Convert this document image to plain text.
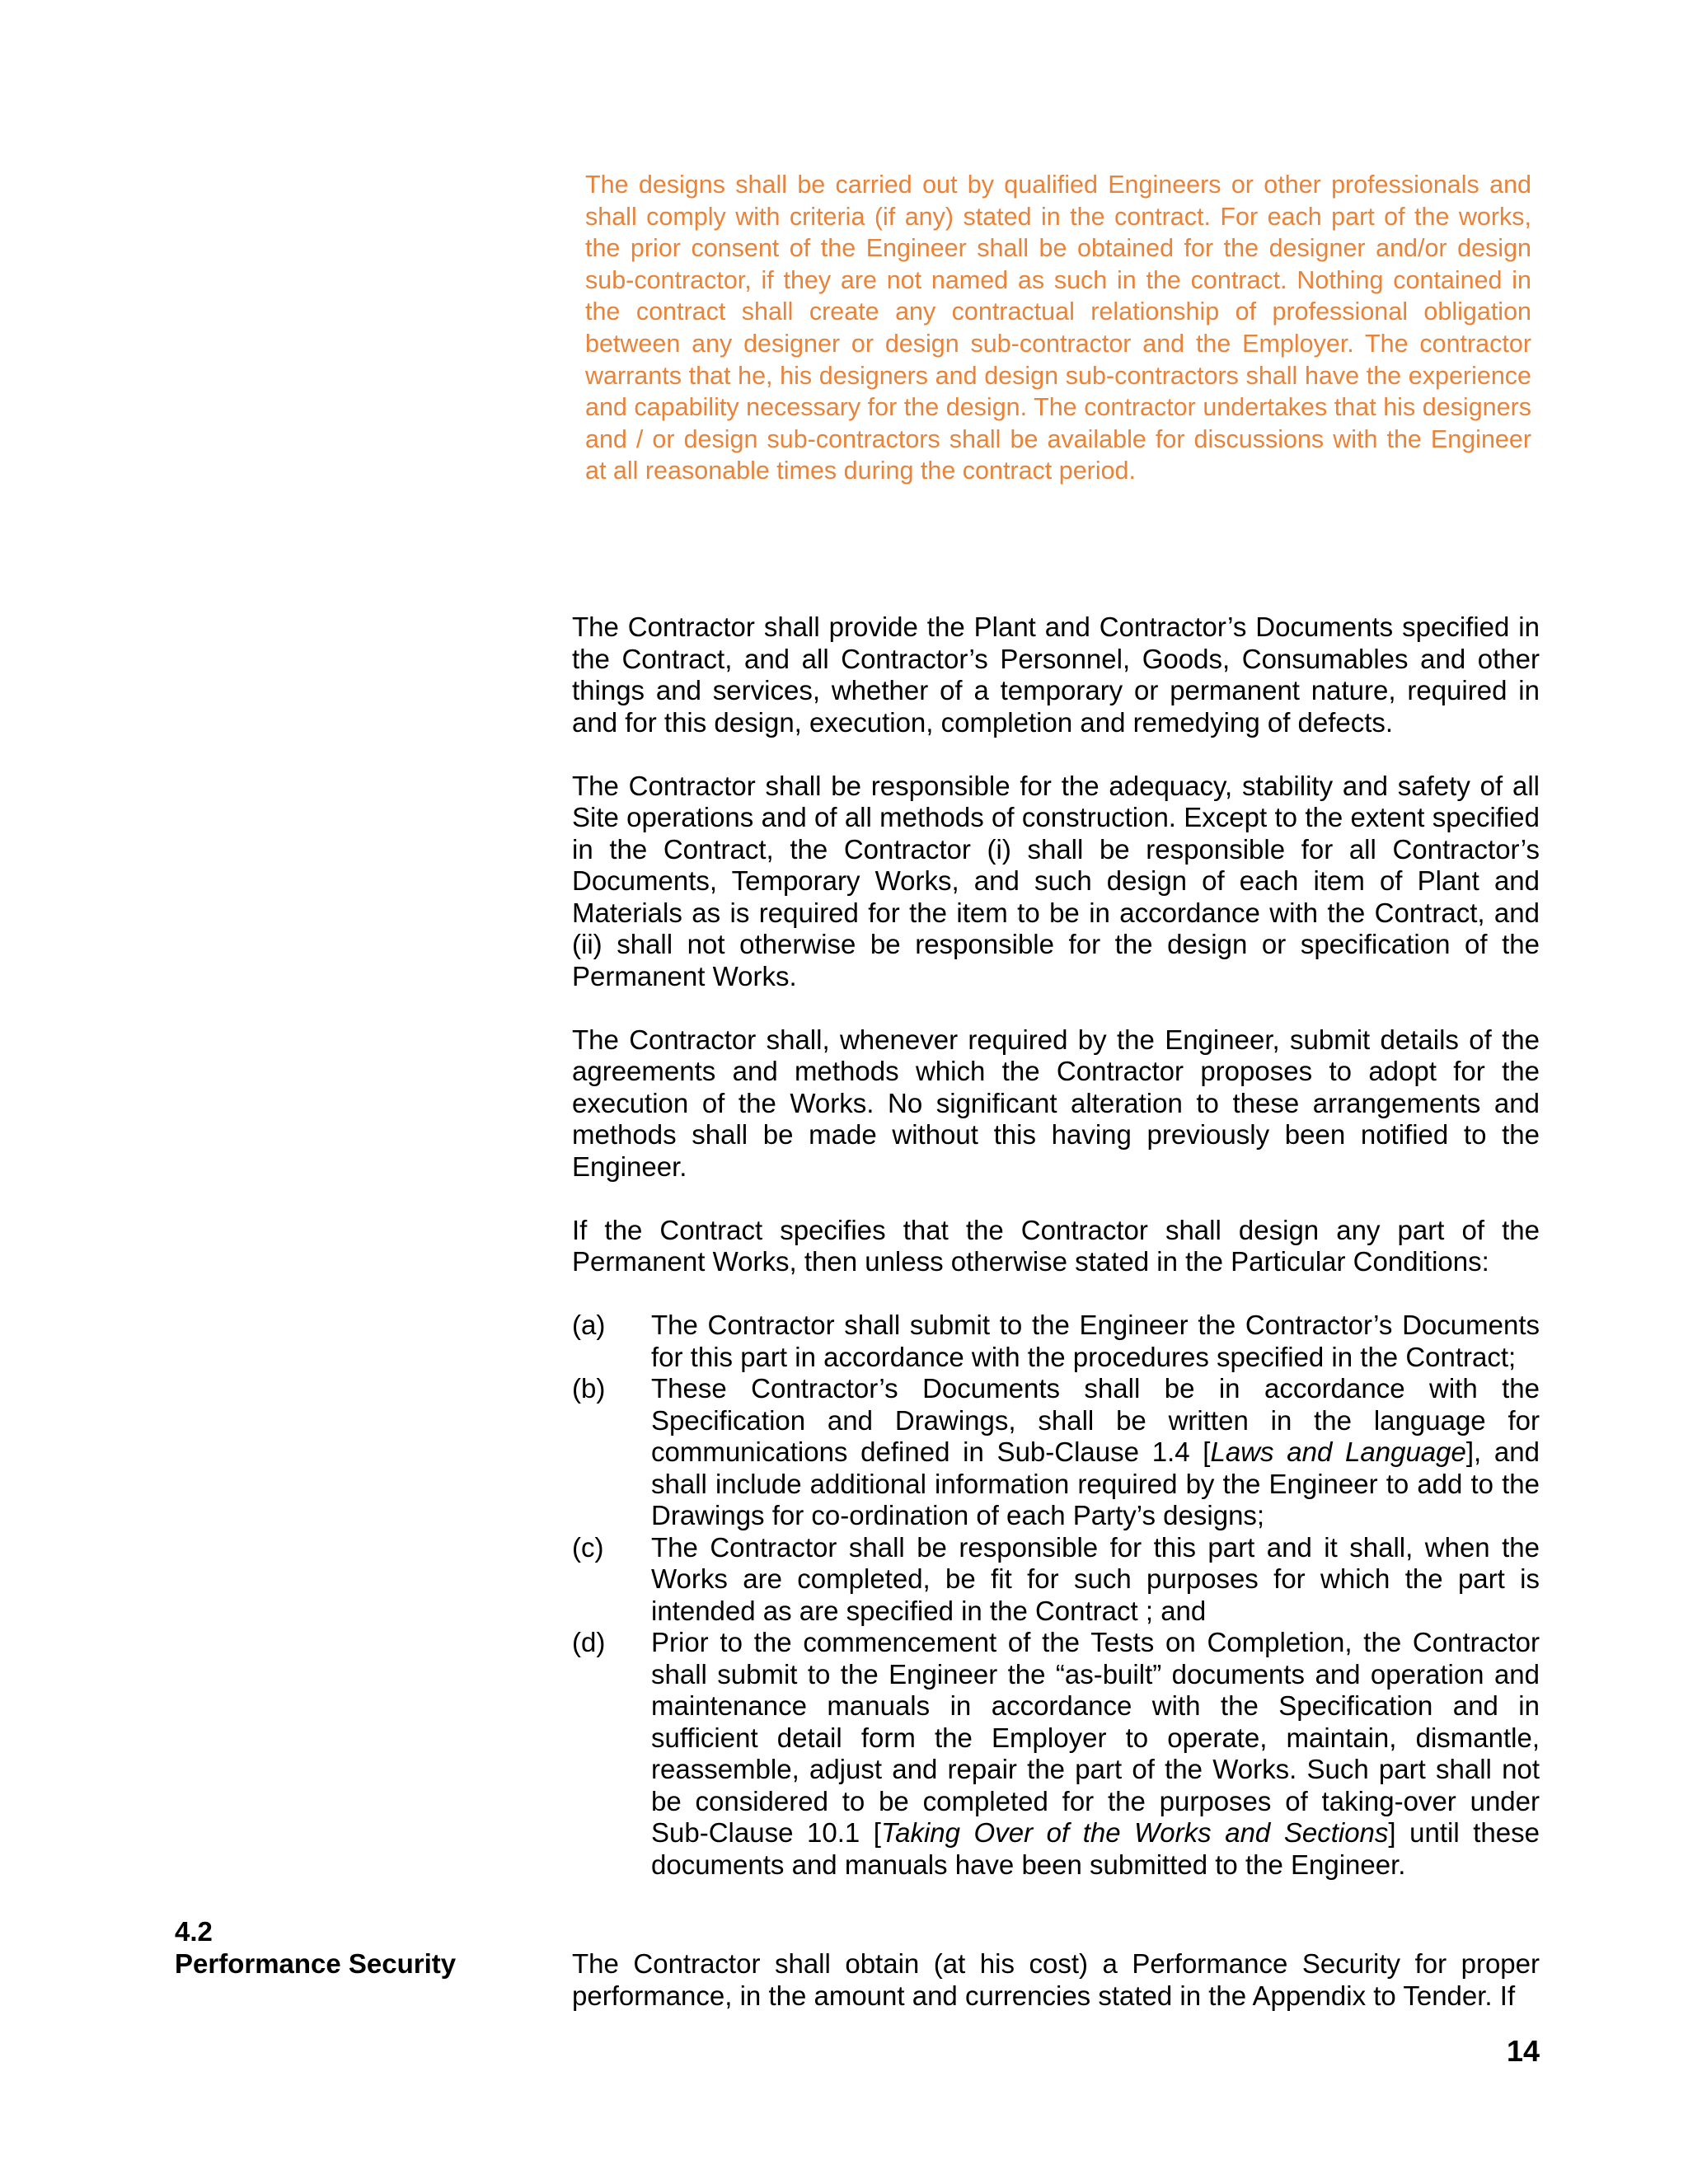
The designs shall be carried out by qualified Engineers or other professionals and shall comply with criteria (if any) stated in the contract. For each part of the works, the prior consent of the Engineer shall be obtained for the designer and/or design sub-contractor, if they are not named as such in the contract. Nothing contained in the contract shall create any contractual relationship of professional obligation between any designer or design sub-contractor and the Employer. The contractor warrants that he, his designers and design sub-contractors shall have the experience and capability necessary for the design. The contractor undertakes that his designers and / or design sub-contractors shall be available for discussions with the Engineer at all reasonable times during the contract period.

The Contractor shall provide the Plant and Contractor’s Documents specified in the Contract, and all Contractor’s Personnel, Goods, Consumables and other things and services, whether of a temporary or permanent nature, required in and for this design, execution, completion and remedying of defects.

The Contractor shall be responsible for the adequacy, stability and safety of all Site operations and of all methods of construction. Except to the extent specified in the Contract, the Contractor (i) shall be responsible for all Contractor’s Documents, Temporary Works, and such design of each item of Plant and Materials as is required for the item to be in accordance with the Contract, and (ii) shall not otherwise be responsible for the design or specification of the Permanent Works.

The Contractor shall, whenever required by the Engineer, submit details of the agreements and methods which the Contractor proposes to adopt for the execution of the Works. No significant alteration to these arrangements and methods shall be made without this having previously been notified to the Engineer.

If the Contract specifies that the Contractor shall design any part of the Permanent Works, then unless otherwise stated in the Particular Conditions:

(a)	The Contractor shall submit to the Engineer the Contractor’s Documents for this part in accordance with the procedures specified in the Contract;
(b)	These Contractor’s Documents shall be in accordance with the Specification and Drawings, shall be written in the language for communications defined in Sub-Clause 1.4 [Laws and Language], and shall include additional information required by the Engineer to add to the Drawings for co-ordination of each Party’s designs;
(c)	The Contractor shall be responsible for this part and it shall, when the Works are completed, be fit for such purposes for which the part is intended as are specified in the Contract ; and
(d)	Prior to the commencement of the Tests on Completion, the Contractor shall submit to the Engineer the “as-built” documents and operation and maintenance manuals in accordance with the Specification and in sufficient detail form the Employer to operate, maintain, dismantle, reassemble, adjust and repair the part of the Works. Such part shall not be considered to be completed for the purposes of taking-over under Sub-Clause 10.1 [Taking Over of the Works and Sections] until these documents and manuals have been submitted to the Engineer.
4.2
Performance Security	The Contractor shall obtain (at his cost) a Performance Security for proper performance, in the amount and currencies stated in the Appendix to Tender. If
14
